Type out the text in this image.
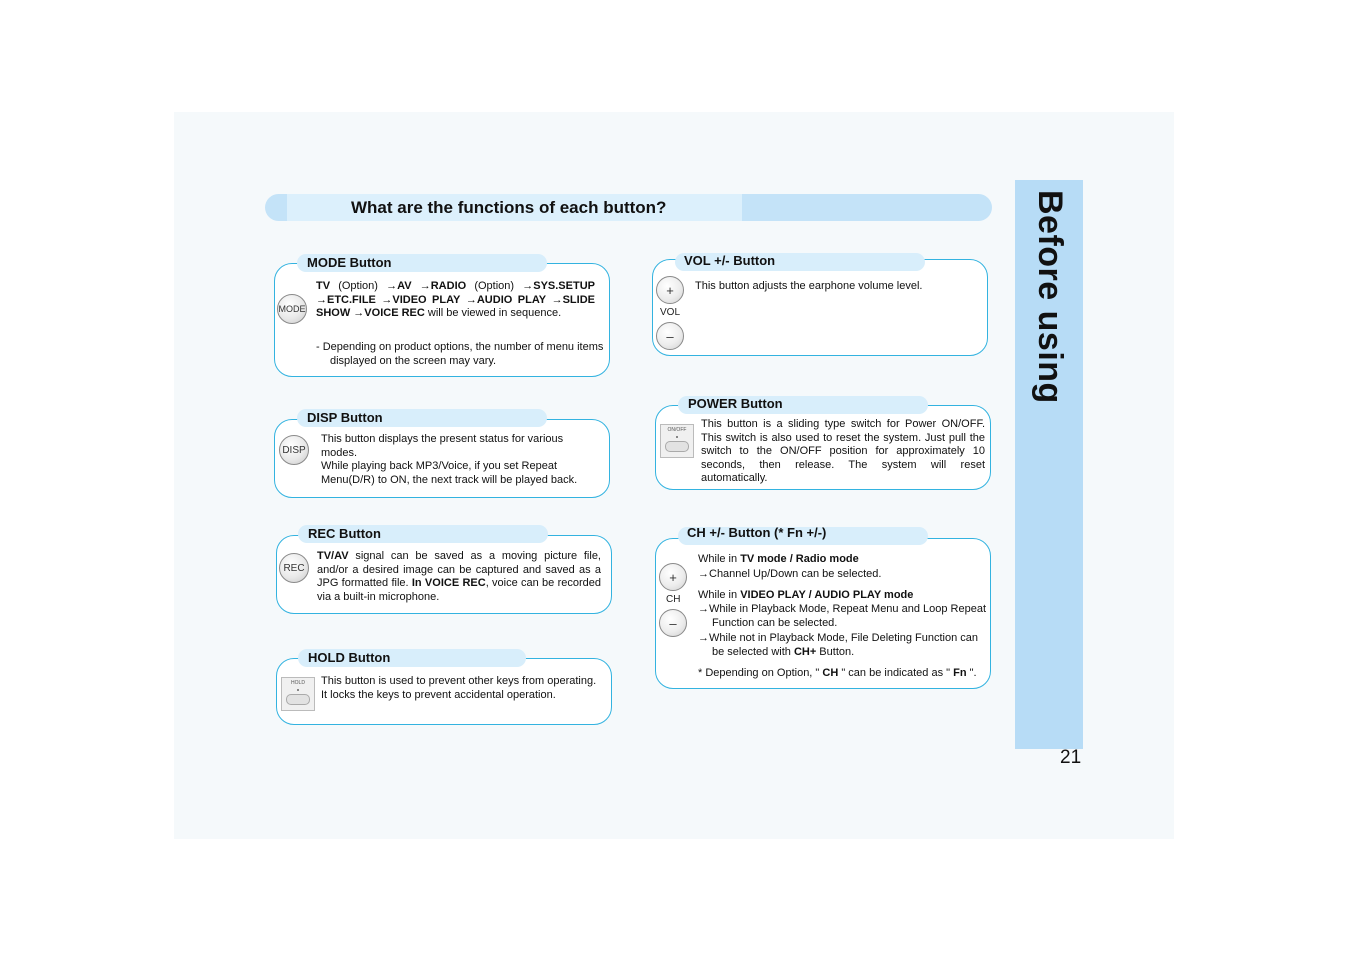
Before using
21
What are the functions of each button?
MODE Button
MODE
TV (Option) →AV →RADIO (Option) →SYS.SETUP →ETC.FILE →VIDEO PLAY →AUDIO PLAY →SLIDE SHOW →VOICE REC will be viewed in sequence.
- Depending on product options, the number of menu items displayed on the screen may vary.
DISP Button
DISP
This button displays the present status for various modes.
While playing back MP3/Voice, if you set Repeat Menu(D/R) to ON, the next track will be played back.
REC Button
REC
TV/AV signal can be saved as a moving picture file, and/or a desired image can be captured and saved as a JPG formatted file. In VOICE REC, voice can be recorded via a built-in microphone.
HOLD Button
HOLD	This button is used to prevent other keys from operating.
It locks the keys to prevent accidental operation.
VOL +/- Button
+
VOL
–
This button adjusts the earphone volume level.
POWER Button
ON/OFF	This button is a sliding type switch for Power ON/OFF. This switch is also used to reset the system. Just pull the switch to the ON/OFF position for approximately 10 seconds, then release. The system will reset automatically.
CH +/- Button (* Fn +/-)
+
CH
–
While in TV mode / Radio mode
→Channel Up/Down can be selected.
While in VIDEO PLAY / AUDIO PLAY mode
→While in Playback Mode, Repeat Menu and Loop Repeat Function can be selected.
→While not in Playback Mode, File Deleting Function can be selected with CH+ Button.
* Depending on Option, " CH " can be indicated as " Fn ".
